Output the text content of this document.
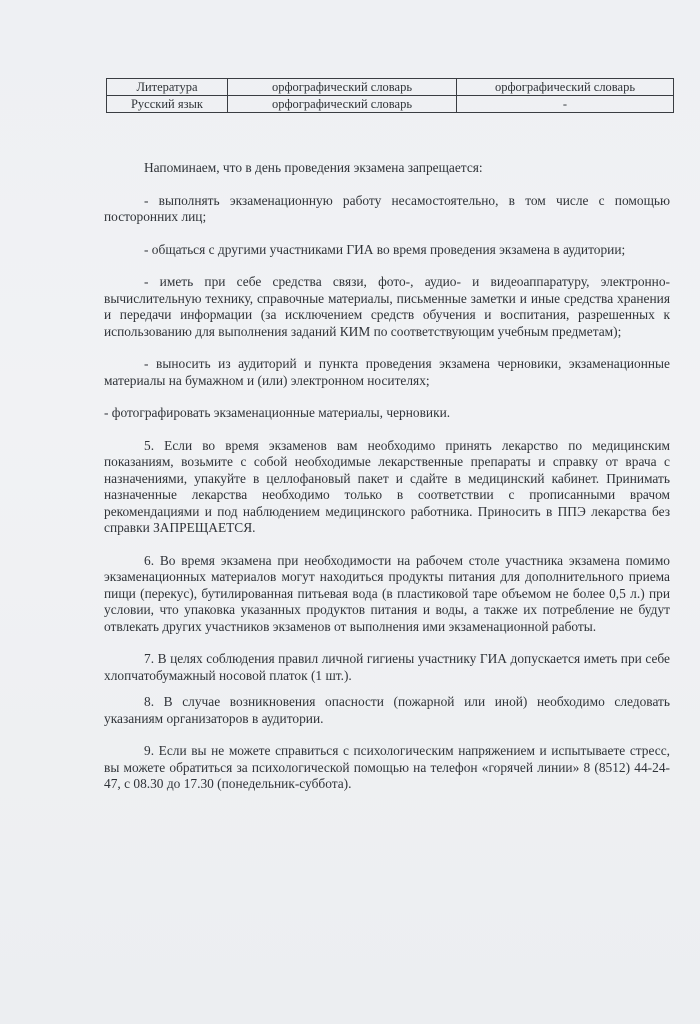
Литература	орфографический словарь	орфографический словарь
Русский язык	орфографический словарь	-

Напоминаем, что в день проведения экзамена запрещается:

- выполнять экзаменационную работу несамостоятельно, в том числе с помощью посторонних лиц;

- общаться с другими участниками ГИА во время проведения экзамена в аудитории;

- иметь при себе средства связи, фото-, аудио- и видеоаппаратуру, электронно-вычислительную технику, справочные материалы, письменные заметки и иные средства хранения и передачи информации (за исключением средств обучения и воспитания, разрешенных к использованию для выполнения заданий КИМ по соответствующим учебным предметам);

- выносить из аудиторий и пункта проведения экзамена черновики, экзаменационные материалы на бумажном и (или) электронном носителях;

- фотографировать экзаменационные материалы, черновики.

5. Если во время экзаменов вам необходимо принять лекарство по медицинским показаниям, возьмите с собой необходимые лекарственные препараты и справку от врача с назначениями, упакуйте в целлофановый пакет и сдайте в медицинский кабинет. Принимать назначенные лекарства необходимо только в соответствии с прописанными врачом рекомендациями и под наблюдением медицинского работника. Приносить в ППЭ лекарства без справки ЗАПРЕЩАЕТСЯ.

6. Во время экзамена при необходимости на рабочем столе участника экзамена помимо экзаменационных материалов могут находиться продукты питания для дополнительного приема пищи (перекус), бутилированная питьевая вода (в пластиковой таре объемом не более 0,5 л.) при условии, что упаковка указанных продуктов питания и воды, а также их потребление не будут отвлекать других участников экзаменов от выполнения ими экзаменационной работы.

7. В целях соблюдения правил личной гигиены участнику ГИА допускается иметь при себе хлопчатобумажный носовой платок (1 шт.).

8. В случае возникновения опасности (пожарной или иной) необходимо следовать указаниям организаторов в аудитории.

9. Если вы не можете справиться с психологическим напряжением и испытываете стресс, вы можете обратиться за психологической помощью на телефон «горячей линии» 8 (8512) 44-24-47, с 08.30 до 17.30 (понедельник-суббота).
